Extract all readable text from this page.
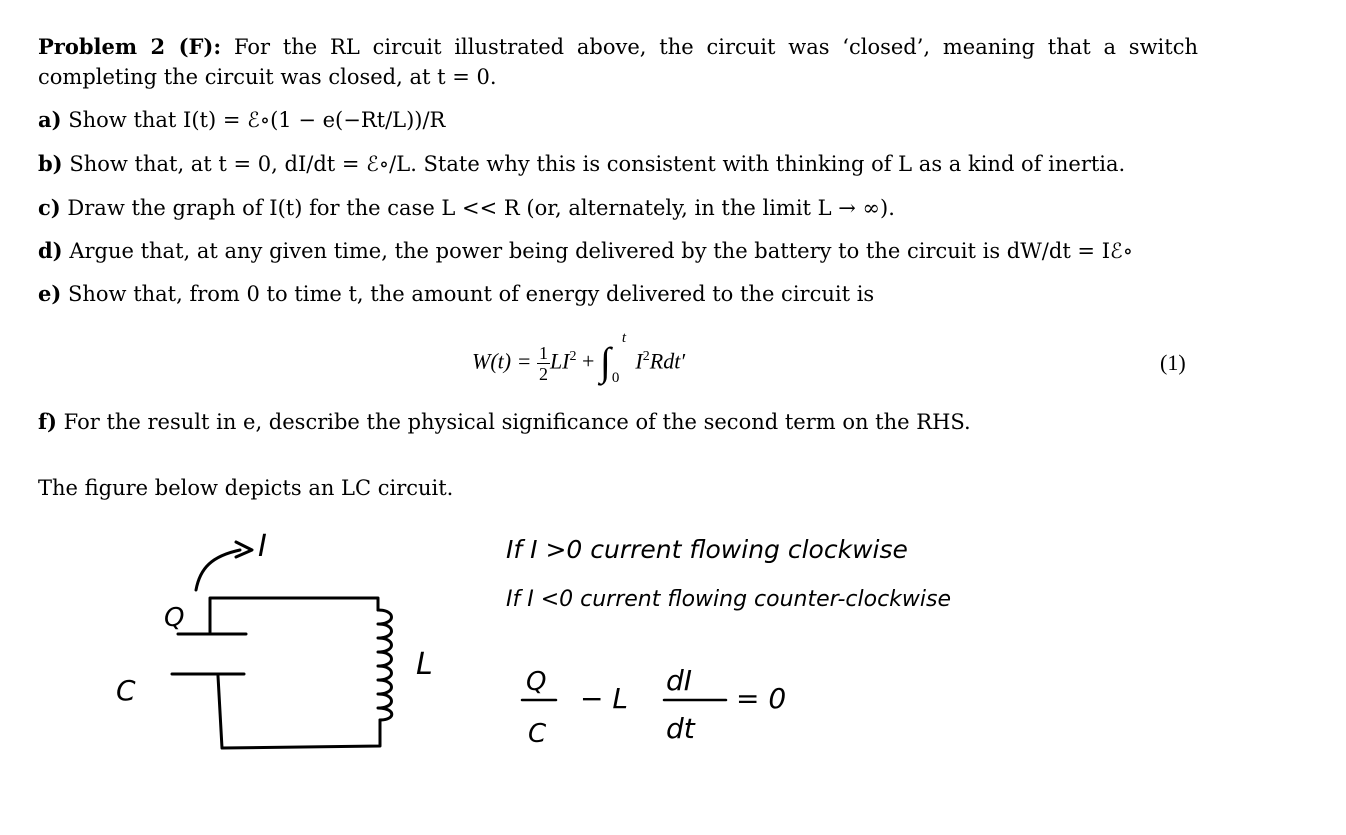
Problem 2 (F): For the RL circuit illustrated above, the circuit was ‘closed’, meaning that a switch
completing the circuit was closed, at t = 0.
a) Show that I(t) = ℰ∘(1 − e(−Rt/L))/R
b) Show that, at t = 0, dI/dt = ℰ∘/L. State why this is consistent with thinking of L as a kind of inertia.
c) Draw the graph of I(t) for the case L << R (or, alternately, in the limit L → ∞).
d) Argue that, at any given time, the power being delivered by the battery to the circuit is dW/dt = Iℰ∘
e) Show that, from 0 to time t, the amount of energy delivered to the circuit is
$W(t) = \frac{1}{2} LI^2$ + ∫
t
0
$I^2Rdt'$	(1)
f) For the result in e, describe the physical significance of the second term on the RHS.
The figure below depicts an LC circuit.
I
Q
C
L
If I >0 current flowing clockwise
If I <0 current flowing counter-clockwise
Q
C
− L
dI
dt
= 0
